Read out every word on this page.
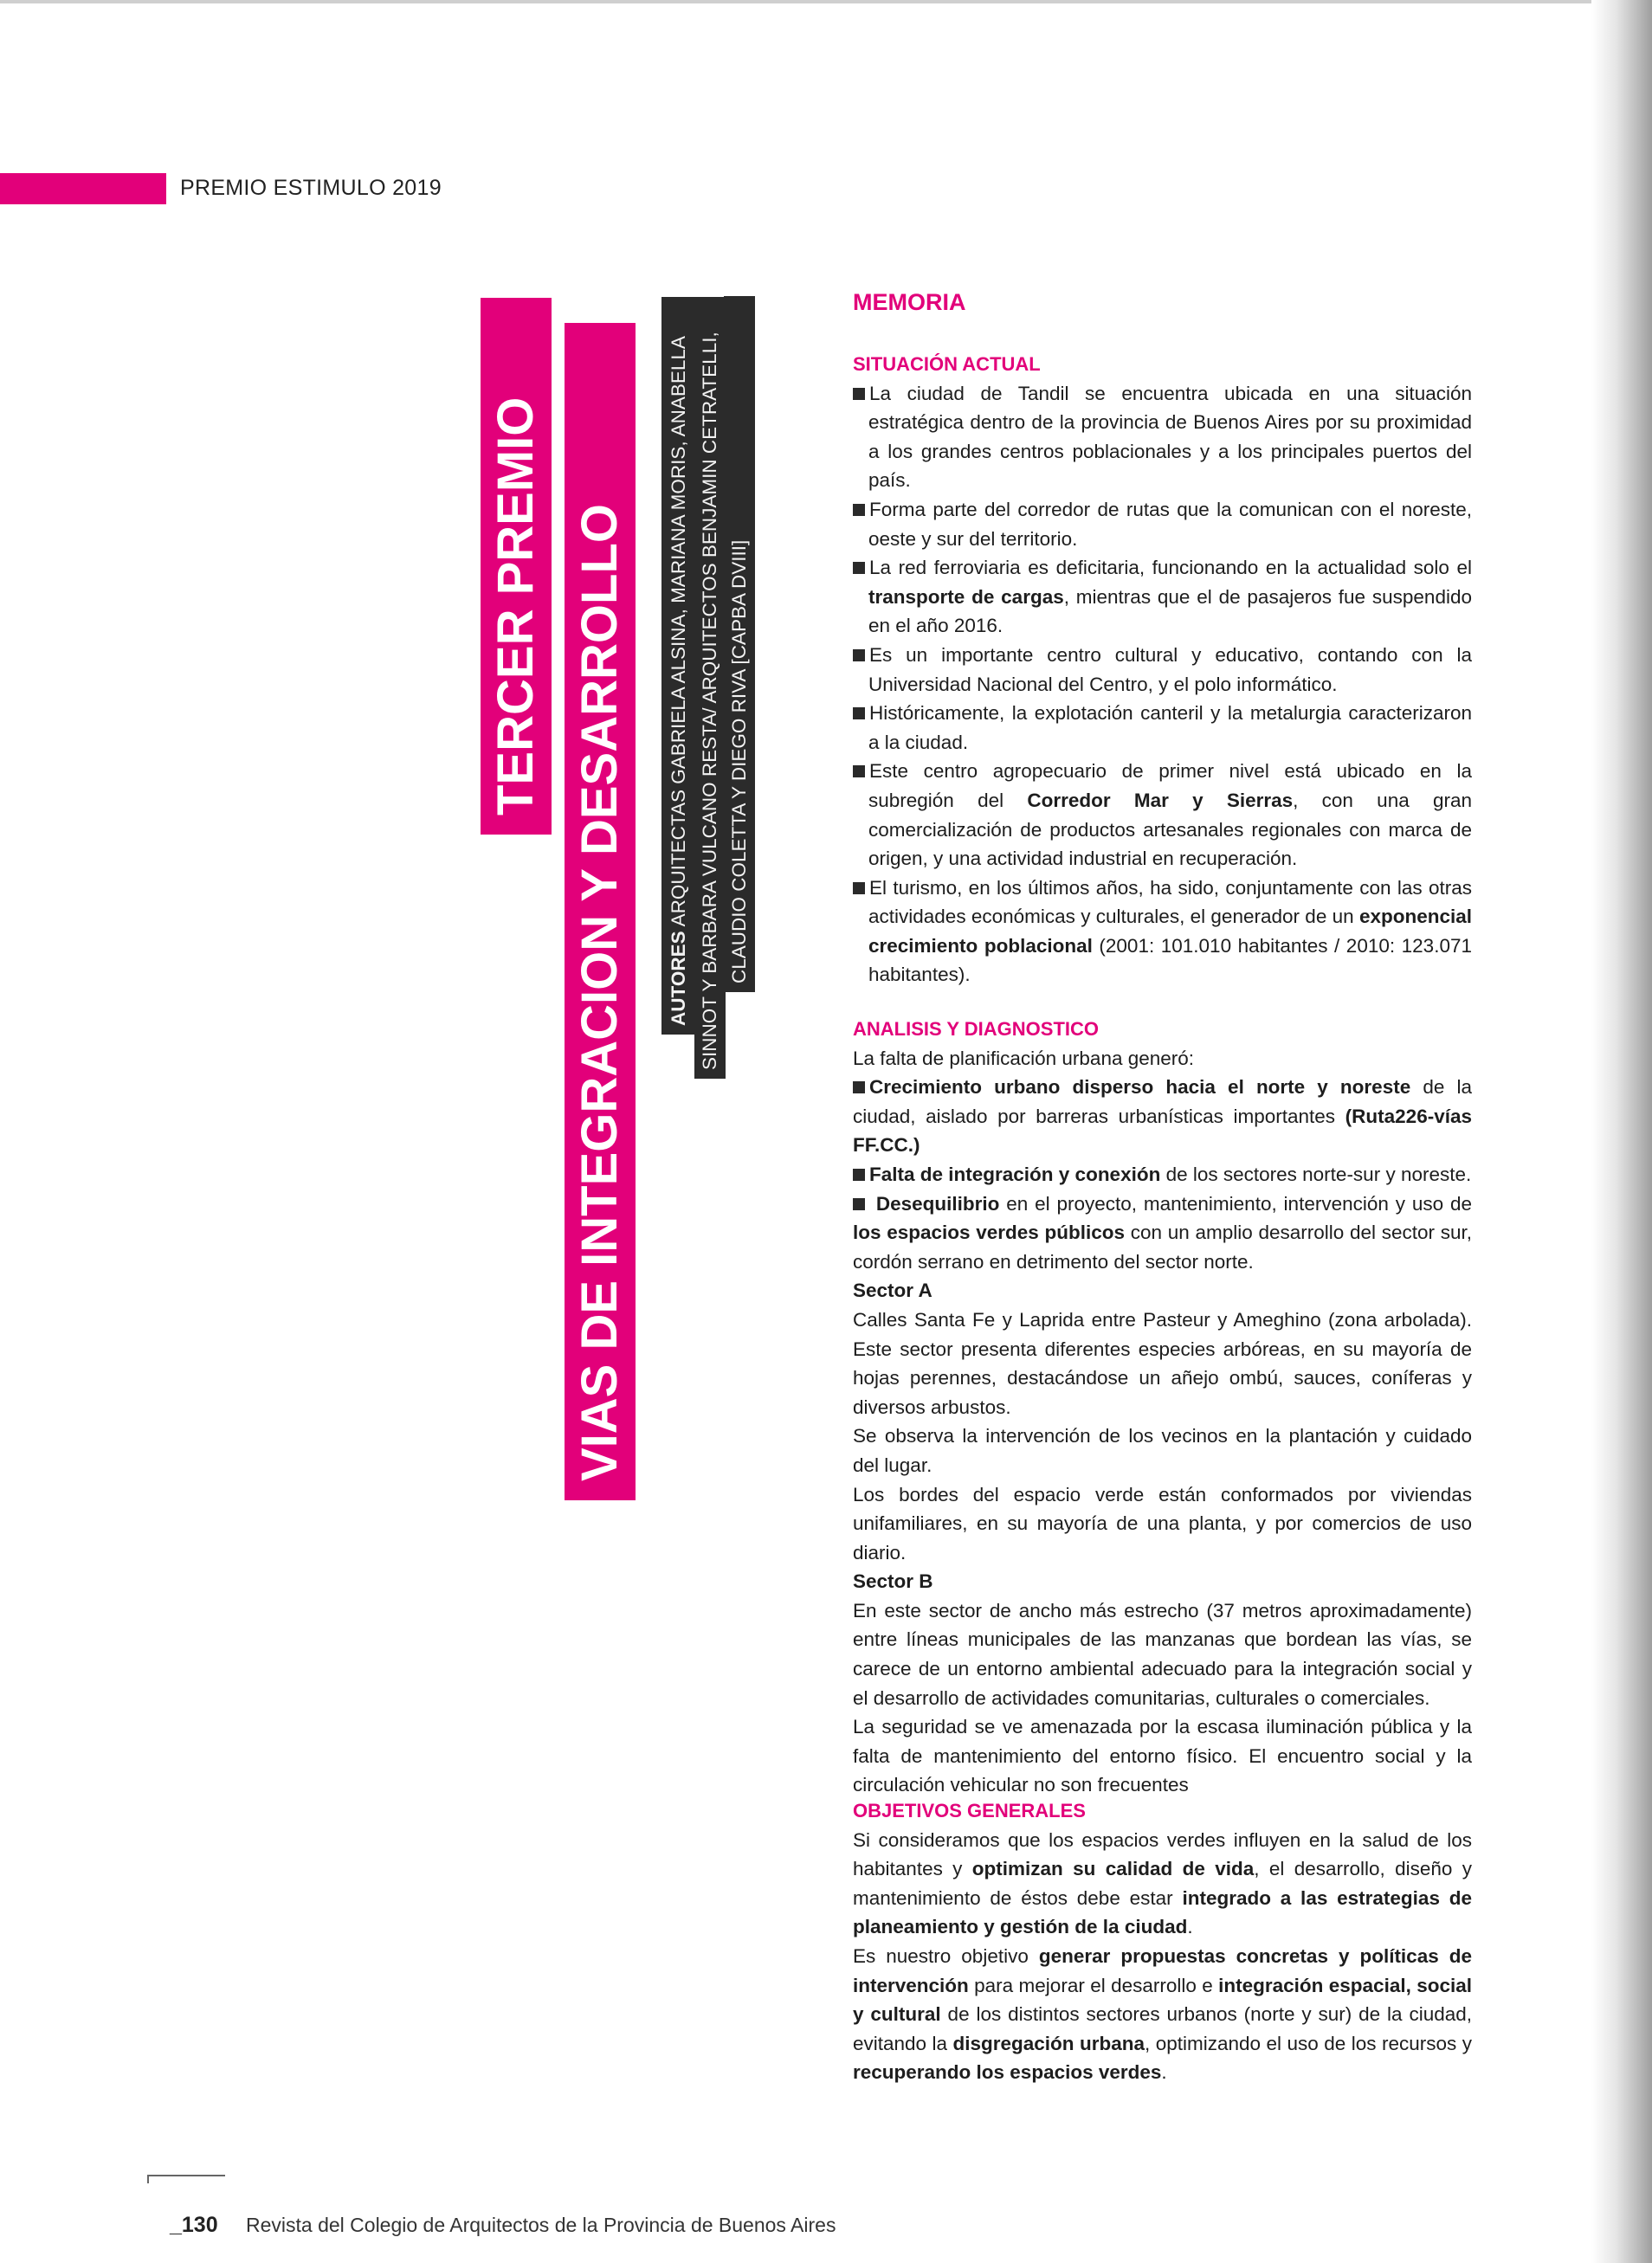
PREMIO ESTIMULO 2019
TERCER PREMIO VIAS DE INTEGRACION Y DESARROLLO	AUTORES ARQUITECTAS GABRIELA ALSINA, MARIANA MORIS, ANABELLA SINNOT Y BARBARA VULCANO RESTA/ ARQUITECTOS BENJAMIN CETRATELLI, CLAUDIO COLETTA Y DIEGO RIVA [CAPBA DVIII]

MEMORIA

SITUACIÓN ACTUAL

La ciudad de Tandil se encuentra ubicada en una situación estratégica dentro de la provincia de Buenos Aires por su proximidad a los grandes centros poblacionales y a los principales puertos del país.

Forma parte del corredor de rutas que la comunican con el noreste, oeste y sur del territorio.

La red ferroviaria es deficitaria, funcionando en la actualidad solo el transporte de cargas, mientras que el de pasajeros fue suspendido en el año 2016.

Es un importante centro cultural y educativo, contando con la Universidad Nacional del Centro, y el polo informático.

Históricamente, la explotación canteril y la metalurgia caracterizaron a la ciudad.

Este centro agropecuario de primer nivel está ubicado en la subregión del Corredor Mar y Sierras, con una gran comercialización de productos artesanales regionales con marca de origen, y una actividad industrial en recuperación.

El turismo, en los últimos años, ha sido, conjuntamente con las otras actividades económicas y culturales, el generador de un exponencial crecimiento poblacional (2001: 101.010 habitantes / 2010: 123.071 habitantes).

ANALISIS Y DIAGNOSTICO

La falta de planificación urbana generó:

Crecimiento urbano disperso hacia el norte y noreste de la ciudad, aislado por barreras urbanísticas importantes (Ruta226-vías FF.CC.)

Falta de integración y conexión de los sectores norte-sur y noreste.

Desequilibrio en el proyecto, mantenimiento, intervención y uso de los espacios verdes públicos con un amplio desarrollo del sector sur, cordón serrano en detrimento del sector norte.

Sector A

Calles Santa Fe y Laprida entre Pasteur y Ameghino (zona arbolada). Este sector presenta diferentes especies arbóreas, en su mayoría de hojas perennes, destacándose un añejo ombú, sauces, coníferas y diversos arbustos.

Se observa la intervención de los vecinos en la plantación y cuidado del lugar.

Los bordes del espacio verde están conformados por viviendas unifamiliares, en su mayoría de una planta, y por comercios de uso diario.

Sector B

En este sector de ancho más estrecho (37 metros aproximadamente) entre líneas municipales de las manzanas que bordean las vías, se carece de un entorno ambiental adecuado para la integración social y el desarrollo de actividades comunitarias, culturales o comerciales.

La seguridad se ve amenazada por la escasa iluminación pública y la falta de mantenimiento del entorno físico. El encuentro social y la circulación vehicular no son frecuentes

OBJETIVOS GENERALES

Si consideramos que los espacios verdes influyen en la salud de los habitantes y optimizan su calidad de vida, el desarrollo, diseño y mantenimiento de éstos debe estar integrado a las estrategias de planeamiento y gestión de la ciudad.

Es nuestro objetivo generar propuestas concretas y políticas de intervención para mejorar el desarrollo e integración espacial, social y cultural de los distintos sectores urbanos (norte y sur) de la ciudad, evitando la disgregación urbana, optimizando el uso de los recursos y recuperando los espacios verdes.

_130 Revista del Colegio de Arquitectos de la Provincia de Buenos Aires
